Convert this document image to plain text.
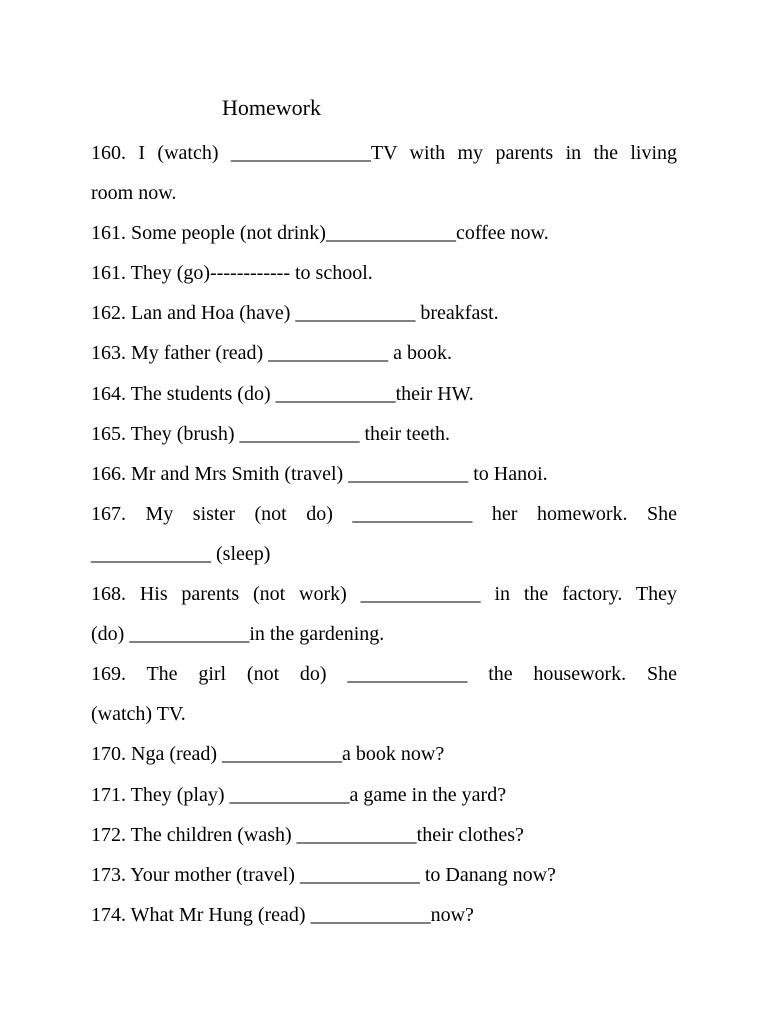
Homework
160. I (watch) ______________TV with my parents in the living
room now.
161. Some people (not drink)_____________coffee now.
161. They (go)------------ to school.
162. Lan and Hoa (have) ____________ breakfast.
163. My father (read) ____________ a book.
164. The students (do) ____________their HW.
165. They (brush) ____________ their teeth.
166. Mr and Mrs Smith (travel) ____________ to Hanoi.
167. My sister (not do) ____________ her homework. She
____________ (sleep)
168. His parents (not work) ____________ in the factory. They
(do) ____________in the gardening.
169. The girl (not do) ____________ the housework. She
(watch) TV.
170. Nga (read) ____________a book now?
171. They (play) ____________a game in the yard?
172. The children (wash) ____________their clothes?
173. Your mother (travel) ____________ to Danang now?
174. What Mr Hung (read) ____________now?
